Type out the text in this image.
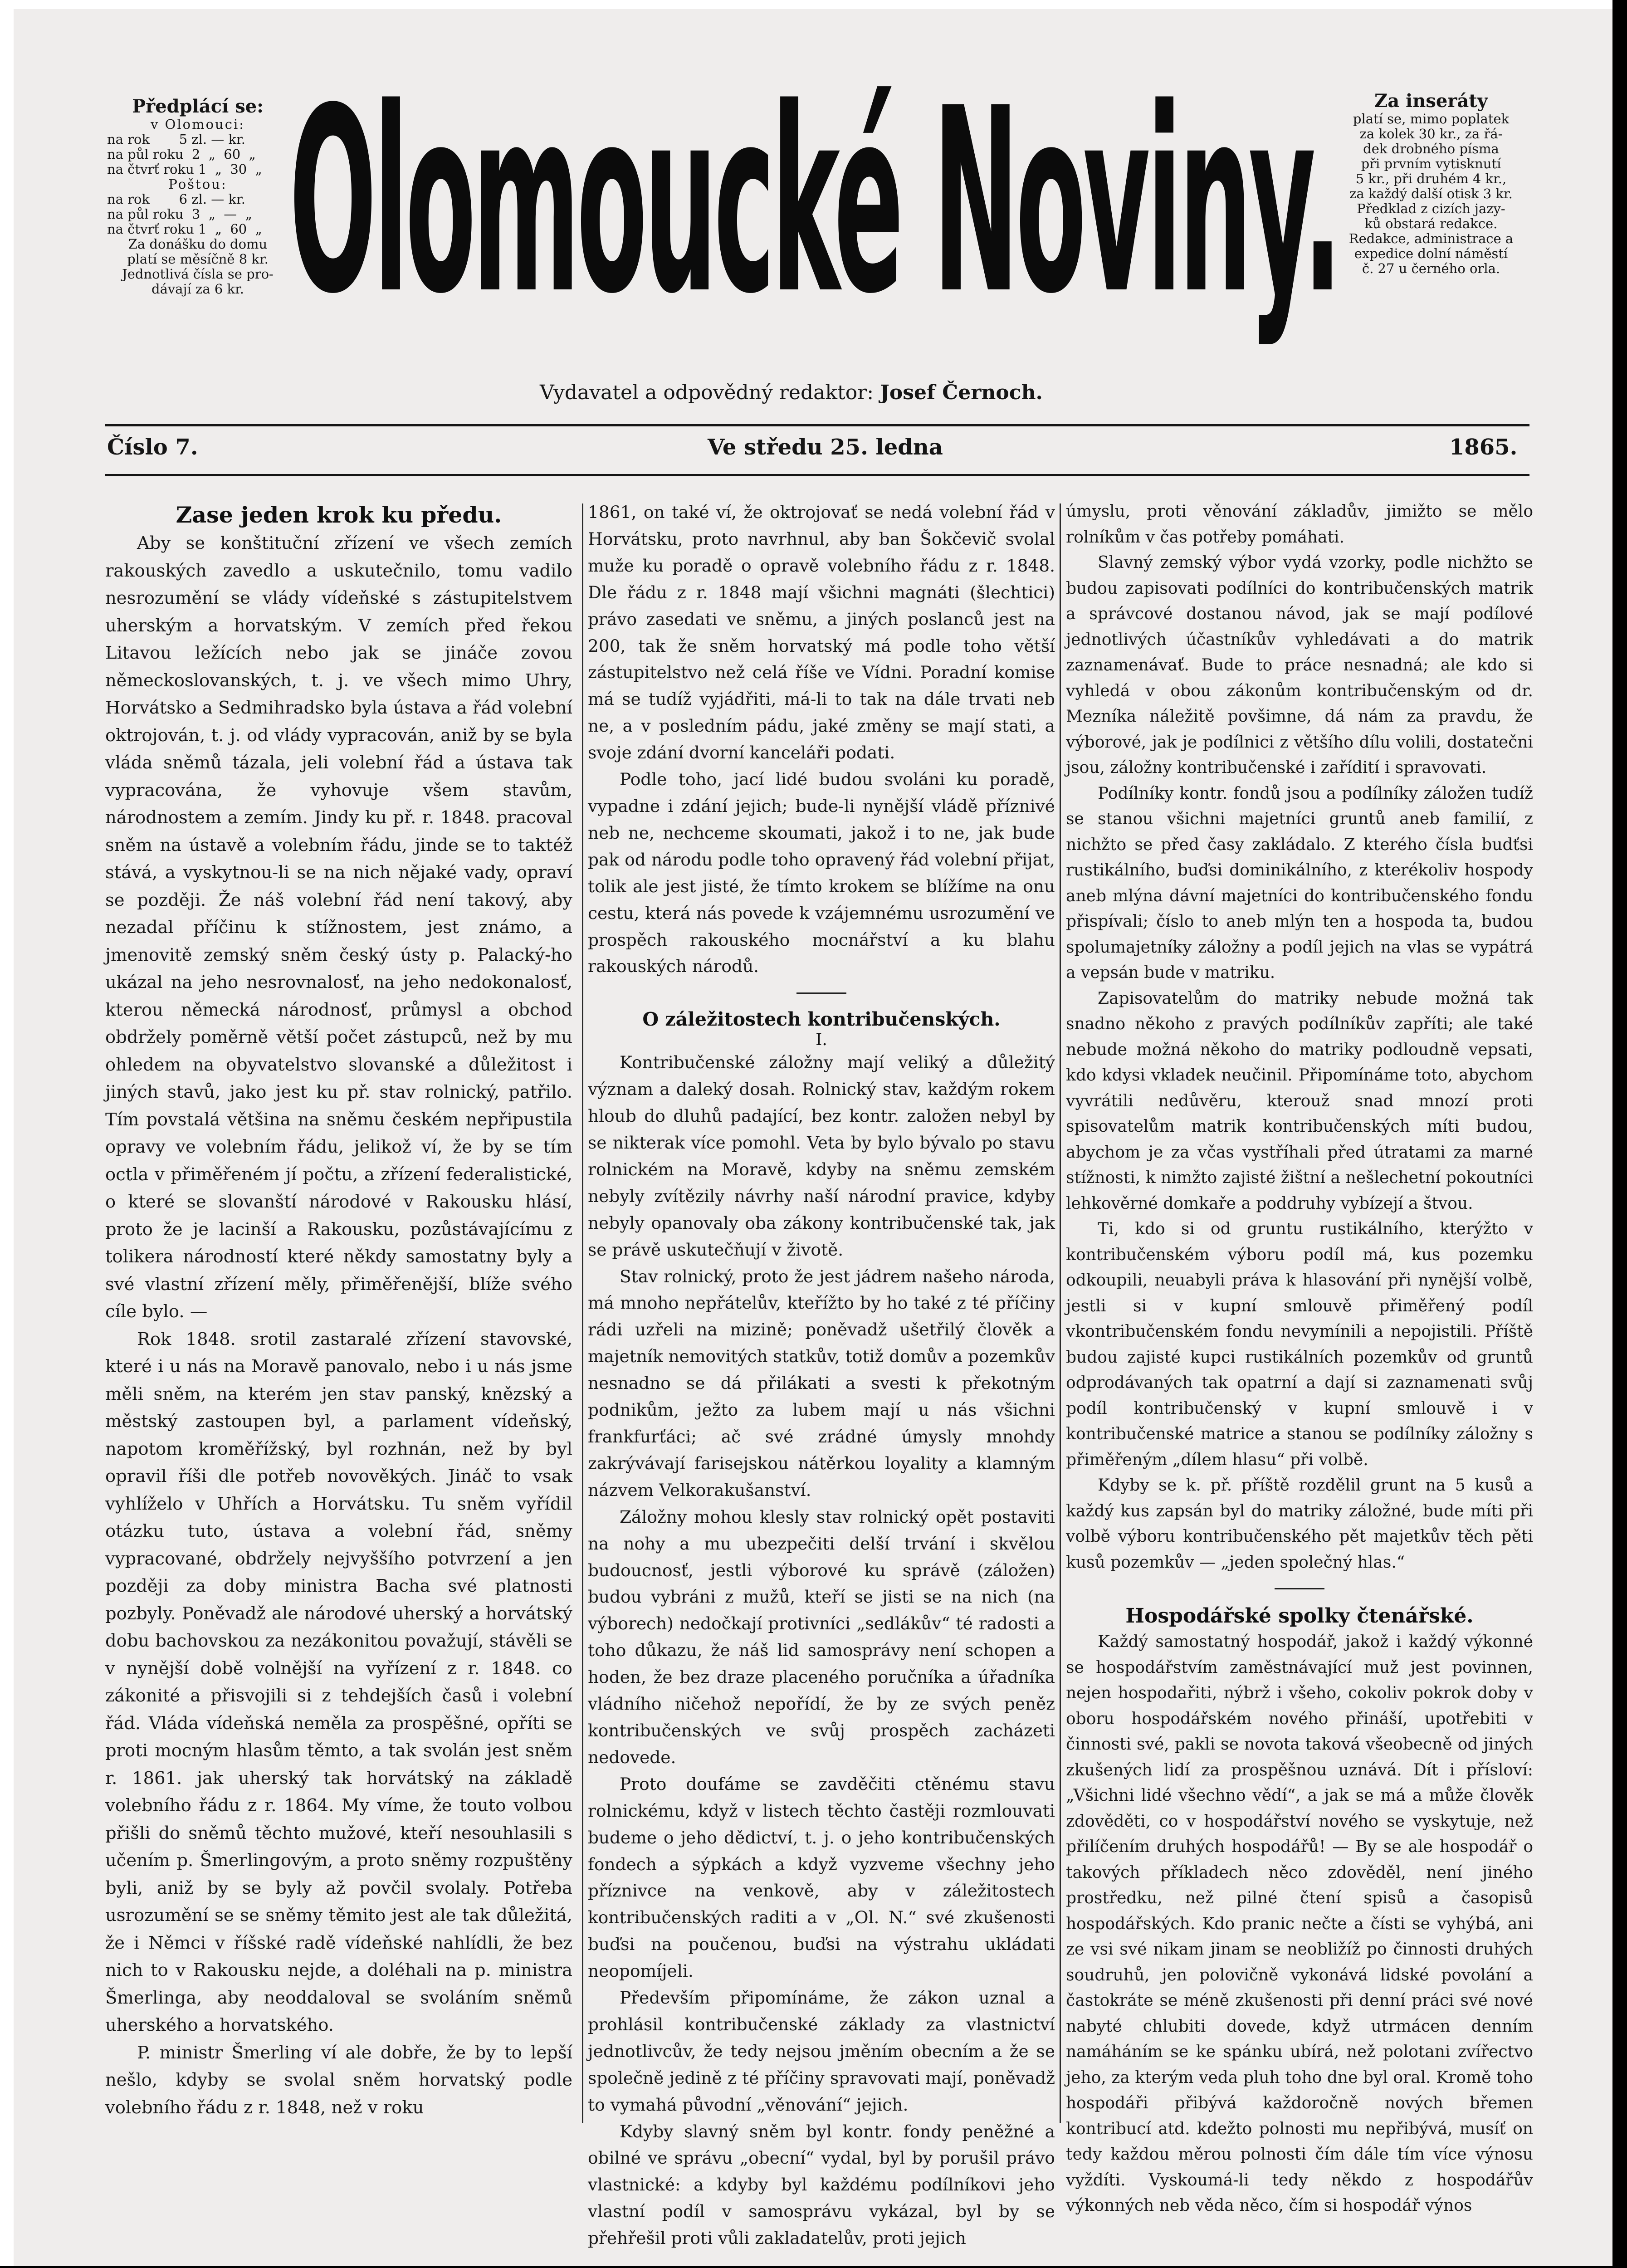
Předplácí se:
v Olomouci:
na rok       5 zl. — kr.
na půl roku  2  „  60  „
na čtvrť roku 1  „  30  „
Poštou:
na rok       6 zl. — kr.
na půl roku  3  „  —  „
na čtvrť roku 1  „  60  „
Za donášku do domu
platí se měsíčně 8 kr.
Jednotlivá čísla se pro-
dávají za 6 kr. Olomoucké Noviny.	Za inseráty
platí se, mimo poplatek
za kolek 30 kr., za řá-
dek drobného písma
při prvním vytisknutí
5 kr., při druhém 4 kr.,
za každý další otisk 3 kr.
Předklad z cizích jazy-
ků obstará redakce.
Redakce, administrace a
expedice dolní náměstí
č. 27 u černého orla.
Vydavatel a odpovědný redaktor: Josef Černoch.
Číslo 7.	Ve středu 25. ledna	1865.
Zase jeden krok ku předu.

Aby se konštituční zřízení ve všech zemích rakouských zavedlo a uskutečnilo, tomu vadilo nesrozumění se vlády vídeňské s zástupitelstvem uherským a horvatským. V zemích před řekou Litavou ležících nebo jak se jináče zovou německoslovanských, t. j. ve všech mimo Uhry, Horvátsko a Sedmihradsko byla ústava a řád volební oktrojován, t. j. od vlády vypracován, aniž by se byla vláda sněmů tázala, jeli volební řád a ústava tak vypracována, že vyhovuje všem stavům, národnostem a zemím. Jindy ku př. r. 1848. pracoval sněm na ústavě a volebním řádu, jinde se to taktéž stává, a vyskytnou-li se na nich nějaké vady, opraví se později. Že náš volební řád není takový, aby nezadal příčinu k stížnostem, jest známo, a jmenovitě zemský sněm český ústy p. Palacký-ho ukázal na jeho nesrovnalosť, na jeho nedokonalosť, kterou německá národnosť, průmysl a obchod obdržely poměrně větší počet zástupců, než by mu ohledem na obyvatelstvo slovanské a důležitost i jiných stavů, jako jest ku př. stav rolnický, patřilo. Tím povstalá většina na sněmu českém nepřipustila opravy ve volebním řádu, jelikož ví, že by se tím octla v přiměřeném jí počtu, a zřízení federalistické, o které se slovanští národové v Rakousku hlásí, proto že je lacinší a Rakousku, pozůstávajícímu z tolikera národností které někdy samostatny byly a své vlastní zřízení měly, přiměřenější, blíže svého cíle bylo. —

Rok 1848. srotil zastaralé zřízení stavovské, které i u nás na Moravě panovalo, nebo i u nás jsme měli sněm, na kterém jen stav panský, knězský a městský zastoupen byl, a parlament vídeňský, napotom kroměřížský, byl rozhnán, než by byl opravil říši dle potřeb novověkých. Jináč to vsak vyhlíželo v Uhřích a Horvátsku. Tu sněm vyřídil otázku tuto, ústava a volební řád, sněmy vypracované, obdržely nejvyššího potvrzení a jen později za doby ministra Bacha své platnosti pozbyly. Poněvadž ale národové uherský a horvátský dobu bachovskou za nezákonitou považují, stávěli se v nynější době volnější na vyřízení z r. 1848. co zákonité a přisvojili si z tehdejších časů i volební řád. Vláda vídeňská neměla za prospěšné, opříti se proti mocným hlasům těmto, a tak svolán jest sněm r. 1861. jak uherský tak horvátský na základě volebního řádu z r. 1864. My víme, že touto volbou přišli do sněmů těchto mužové, kteří nesouhlasili s učením p. Šmerlingovým, a proto sněmy rozpuštěny byli, aniž by se byly až povčil svolaly. Potřeba usrozumění se se sněmy těmito jest ale tak důležitá, že i Němci v říšské radě vídeňské nahlídli, že bez nich to v Rakousku nejde, a doléhali na p. ministra Šmerlinga, aby neoddaloval se svoláním sněmů uherského a horvatského.

P. ministr Šmerling ví ale dobře, že by to lepší nešlo, kdyby se svolal sněm horvatský podle volebního řádu z r. 1848, než v roku

1861, on také ví, že oktrojovať se nedá volební řád v Horvátsku, proto navrhnul, aby ban Šokčevič svolal muže ku poradě o opravě volebního řádu z r. 1848. Dle řádu z r. 1848 mají všichni magnáti (šlechtici) právo zasedati ve sněmu, a jiných poslanců jest na 200, tak že sněm horvatský má podle toho větší zástupitelstvo než celá říše ve Vídni. Poradní komise má se tudíž vyjádřiti, má-li to tak na dále trvati neb ne, a v posledním pádu, jaké změny se mají stati, a svoje zdání dvorní kanceláři podati.

Podle toho, jací lidé budou svoláni ku poradě, vypadne i zdání jejich; bude-li nynější vládě příznivé neb ne, nechceme skoumati, jakož i to ne, jak bude pak od národu podle toho opravený řád volební přijat, tolik ale jest jisté, že tímto krokem se blížíme na onu cestu, která nás povede k vzájemnému usrozumění ve prospěch rakouského mocnářství a ku blahu rakouských národů.

O záležitostech kontribučenských.
I.

Kontribučenské záložny mají veliký a důležitý význam a daleký dosah. Rolnický stav, každým rokem hloub do dluhů padající, bez kontr. založen nebyl by se nikterak více pomohl. Veta by bylo bývalo po stavu rolnickém na Moravě, kdyby na sněmu zemském nebyly zvítězily návrhy naší národní pravice, kdyby nebyly opanovaly oba zákony kontribučenské tak, jak se právě uskutečňují v životě.

Stav rolnický, proto že jest jádrem našeho národa, má mnoho nepřátelův, kteřížto by ho také z té příčiny rádi uzřeli na mizině; poněvadž ušetřilý člověk a majetník nemovitých statkův, totiž domův a pozemkův nesnadno se dá přilákati a svesti k překotným podnikům, ježto za lubem mají u nás všichni frankfurťáci; ač své zrádné úmysly mnohdy zakrývávají farisejskou nátěrkou loyality a klamným názvem Velkorakušanství.

Záložny mohou klesly stav rolnický opět postaviti na nohy a mu ubezpečiti delší trvání i skvělou budoucnosť, jestli výborové ku správě (záložen) budou vybráni z mužů, kteří se jisti se na nich (na výborech) nedočkají protivníci „sedlákův“ té radosti a toho důkazu, že náš lid samosprávy není schopen a hoden, že bez draze placeného poručníka a úřadníka vládního ničehož nepořídí, že by ze svých peněz kontribučenských ve svůj prospěch zacházeti nedovede.

Proto doufáme se zavděčiti ctěnému stavu rolnickému, když v listech těchto častěji rozmlouvati budeme o jeho dědictví, t. j. o jeho kontribučenských fondech a sýpkách a když vyzveme všechny jeho příznivce na venkově, aby v záležitostech kontribučenských raditi a v „Ol. N.“ své zkušenosti buďsi na poučenou, buďsi na výstrahu ukládati neopomíjeli.

Především připomínáme, že zákon uznal a prohlásil kontribučenské základy za vlastnictví jednotlivcův, že tedy nejsou jměním obecním a že se společně jedině z té příčiny spravovati mají, poněvadž to vymahá původní „věnování“ jejich.

Kdyby slavný sněm byl kontr. fondy peněžné a obilné ve správu „obecní“ vydal, byl by porušil právo vlastnické: a kdyby byl každému podílníkovi jeho vlastní podíl v samosprávu vykázal, byl by se přehřešil proti vůli zakladatelův, proti jejich

úmyslu, proti věnování základův, jimižto se mělo rolníkům v čas potřeby pomáhati.

Slavný zemský výbor vydá vzorky, podle nichžto se budou zapisovati podílníci do kontribučenských matrik a správcové dostanou návod, jak se mají podílové jednotlivých účastníkův vyhledávati a do matrik zaznamenávať. Bude to práce nesnadná; ale kdo si vyhledá v obou zákonům kontribučenským od dr. Mezníka náležitě povšimne, dá nám za pravdu, že výborové, jak je podílnici z většího dílu volili, dostatečni jsou, záložny kontribučenské i zařídití i spravovati.

Podílníky kontr. fondů jsou a podílníky záložen tudíž se stanou všichni majetníci gruntů aneb familií, z nichžto se před časy zakládalo. Z kterého čísla budťsi rustikálního, buďsi dominikálního, z kterékoliv hospody aneb mlýna dávní majetníci do kontribučenského fondu přispívali; číslo to aneb mlýn ten a hospoda ta, budou spolumajetníky záložny a podíl jejich na vlas se vypátrá a vepsán bude v matriku.

Zapisovatelům do matriky nebude možná tak snadno někoho z pravých podílníkův zapříti; ale také nebude možná někoho do matriky podloudně vepsati, kdo kdysi vkladek neučinil. Připomínáme toto, abychom vyvrátili nedůvěru, kterouž snad mnozí proti spisovatelům matrik kontribučenských míti budou, abychom je za včas vystříhali před útratami za marné stížnosti, k nimžto zajisté žištní a nešlechetní pokoutníci lehkověrné domkaře a poddruhy vybízejí a štvou.

Ti, kdo si od gruntu rustikálního, kterýžto v kontribučenském výboru podíl má, kus pozemku odkoupili, neuabyli práva k hlasování při nynější volbě, jestli si v kupní smlouvě přiměřený podíl vkontribučenském fondu nevymínili a nepojistili. Příště budou zajisté kupci rustikálních pozemkův od gruntů odprodávaných tak opatrní a dají si zaznamenati svůj podíl kontribučenský v kupní smlouvě i v kontribučenské matrice a stanou se podílníky záložny s přiměřeným „dílem hlasu“ při volbě.

Kdyby se k. př. příště rozdělil grunt na 5 kusů a každý kus zapsán byl do matriky záložné, bude míti při volbě výboru kontribučenského pět majetkův těch pěti kusů pozemkův — „jeden společný hlas.“

Hospodářské spolky čtenářské.

Každý samostatný hospodář, jakož i každý výkonné se hospodářstvím zaměstnávající muž jest povinnen, nejen hospodařiti, nýbrž i všeho, cokoliv pokrok doby v oboru hospodářském nového přináší, upotřebiti v činnosti své, pakli se novota taková všeobecně od jiných zkušených lidí za prospěšnou uznává. Dít i přísloví: „Všichni lidé všechno vědí“, a jak se má a může člověk zdověděti, co v hospodářství nového se vyskytuje, než přilíčením druhých hospodářů! — By se ale hospodář o takových příkladech něco zdověděl, není jiného prostředku, než pilné čtení spisů a časopisů hospodářských. Kdo pranic nečte a čísti se vyhýbá, ani ze vsi své nikam jinam se neobližíž po činnosti druhých soudruhů, jen polovičně vykonává lidské povolání a častokráte se méně zkušenosti při denní práci své nové nabyté chlubiti dovede, když utrmácen denním namáháním se ke spánku ubírá, než polotani zvířectvo jeho, za kterým veda pluh toho dne byl oral. Kromě toho hospodáři přibývá každoročně nových břemen kontribucí atd. kdežto polnosti mu nepřibývá, musíť on tedy každou měrou polnosti čím dále tím více výnosu vyždíti. Vyskoumá-li tedy někdo z hospodářův výkonných neb věda něco, čím si hospodář výnos
